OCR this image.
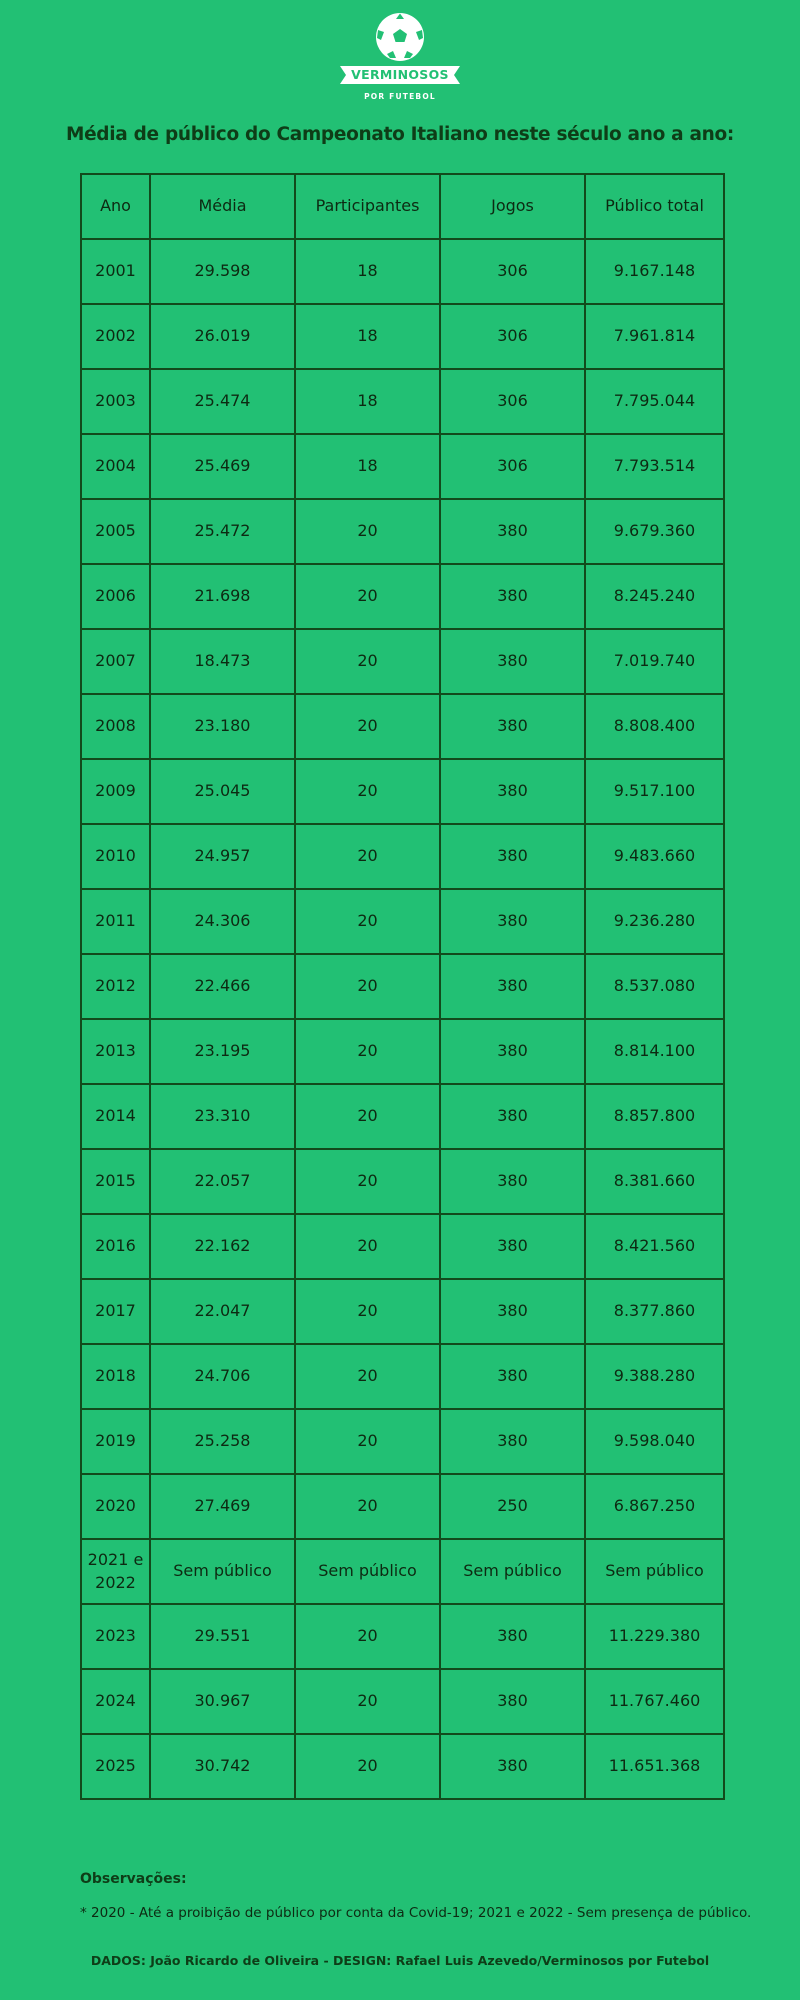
VERMINOSOS
POR FUTEBOL
Média de público do Campeonato Italiano neste século ano a ano:
Ano	Média	Participantes	Jogos	Público total
2001	29.598	18	306	9.167.148
2002	26.019	18	306	7.961.814
2003	25.474	18	306	7.795.044
2004	25.469	18	306	7.793.514
2005	25.472	20	380	9.679.360
2006	21.698	20	380	8.245.240
2007	18.473	20	380	7.019.740
2008	23.180	20	380	8.808.400
2009	25.045	20	380	9.517.100
2010	24.957	20	380	9.483.660
2011	24.306	20	380	9.236.280
2012	22.466	20	380	8.537.080
2013	23.195	20	380	8.814.100
2014	23.310	20	380	8.857.800
2015	22.057	20	380	8.381.660
2016	22.162	20	380	8.421.560
2017	22.047	20	380	8.377.860
2018	24.706	20	380	9.388.280
2019	25.258	20	380	9.598.040
2020	27.469	20	250	6.867.250
2021 e 2022	Sem público	Sem público	Sem público	Sem público
2023	29.551	20	380	11.229.380
2024	30.967	20	380	11.767.460
2025	30.742	20	380	11.651.368
Observações:
* 2020 - Até a proibição de público por conta da Covid-19; 2021 e 2022 - Sem presença de público.
DADOS: João Ricardo de Oliveira - DESIGN: Rafael Luis Azevedo/Verminosos por Futebol
